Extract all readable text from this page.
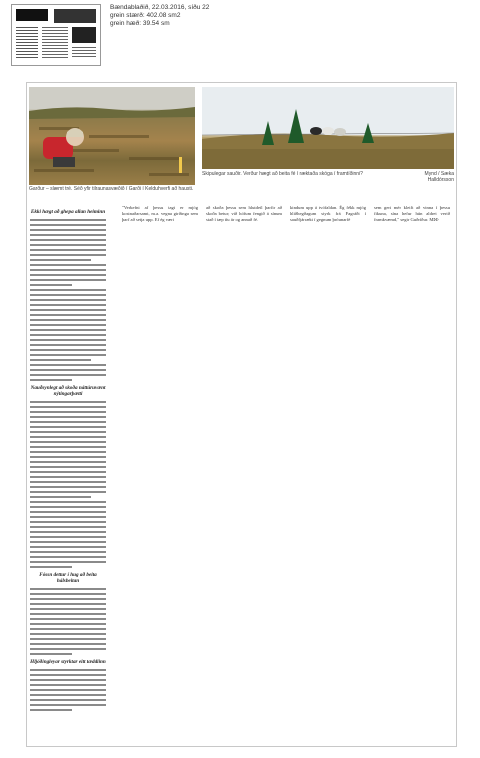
Bændablaðið, 22.03.2016, síðu 22
grein stærð: 402.08 sm2
grein hæð: 39.54 sm
Garður – slæmt tré. Séð yfir tilraunasvæðið í Garði í Kelduhverfi að hausti.
Skipulegar sauðir. Verður hægt að beita fé í ræktaða skóga í framtíðinni?	Mynd / Sæka Halldórsson
Ekki hægt að ghepa allan heiminn
Nauðsynlegt að skoða náttúruvænt nýtingarþætti
Fóssn dettur í hug að beita hálsbeitan
Hljóðingleyar styrktar eitt tæddiinn
"Verkefni af þessu tagi er mjög kostnaðarsamt, m.a. vegna girðinga sem þarf að setja upp. Ef ég væri
að skoða þessu sem hlutdeil þarfir að skoða betur; við höfum fengið á sínum stað í tæp tíu ár og annað fé.
kindum upp á tvöfaldan. Ég fékk mjög hliðhegðagum styrk frá Fagráði í sauðfjárrækt í gegnum þróunarfé
sem geri mér kleift að vinna í þessu fikuna, sína hefur hún aldrei verið framkvæmd," segir Guðríður. MÞÞ
